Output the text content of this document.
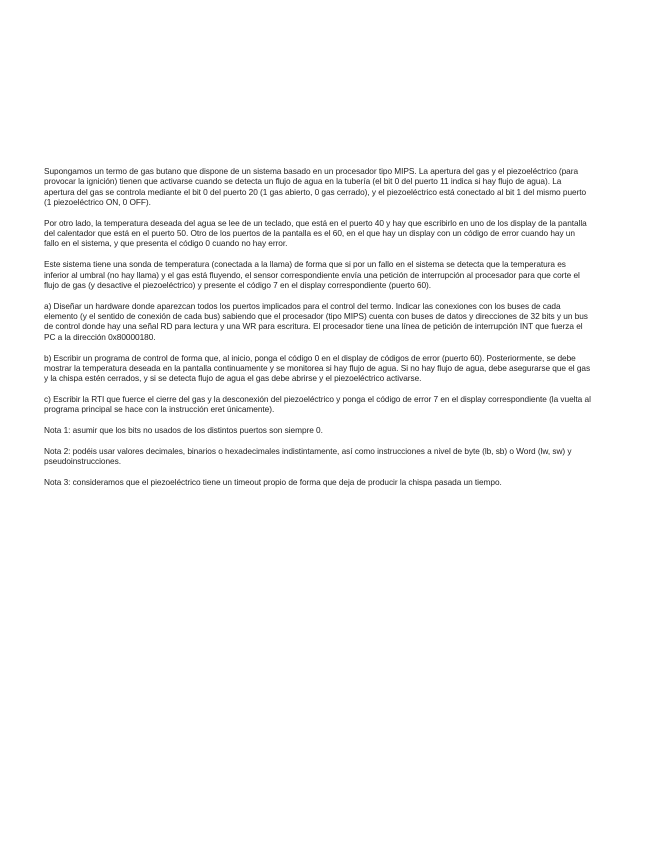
Supongamos un termo de gas butano que dispone de un sistema basado en un procesador tipo MIPS. La apertura del gas y el piezoeléctrico (para provocar la ignición) tienen que activarse cuando se detecta un flujo de agua en la tubería (el bit 0 del puerto 11 indica si hay flujo de agua). La apertura del gas se controla mediante el bit 0 del puerto 20 (1 gas abierto, 0 gas cerrado), y el piezoeléctrico está conectado al bit 1 del mismo puerto (1 piezoeléctrico ON, 0 OFF).

Por otro lado, la temperatura deseada del agua se lee de un teclado, que está en el puerto 40 y hay que escribirlo en uno de los display de la pantalla del calentador que está en el puerto 50. Otro de los puertos de la pantalla es el 60, en el que hay un display con un código de error cuando hay un fallo en el sistema, y que presenta el código 0 cuando no hay error.

Este sistema tiene una sonda de temperatura (conectada a la llama) de forma que si por un fallo en el sistema se detecta que la temperatura es inferior al umbral (no hay llama) y el gas está fluyendo, el sensor correspondiente envía una petición de interrupción al procesador para que corte el flujo de gas (y desactive el piezoeléctrico) y presente el código 7 en el display correspondiente (puerto 60).

a) Diseñar un hardware donde aparezcan todos los puertos implicados para el control del termo. Indicar las conexiones con los buses de cada elemento (y el sentido de conexión de cada bus) sabiendo que el procesador (tipo MIPS) cuenta con buses de datos y direcciones de 32 bits y un bus de control donde hay una señal RD para lectura y una WR para escritura. El procesador tiene una línea de petición de interrupción INT que fuerza el PC a la dirección 0x80000180.

b) Escribir un programa de control de forma que, al inicio, ponga el código 0 en el display de códigos de error (puerto 60). Posteriormente, se debe mostrar la temperatura deseada en la pantalla continuamente y se monitorea si hay flujo de agua. Si no hay flujo de agua, debe asegurarse que el gas y la chispa estén cerrados, y si se detecta flujo de agua el gas debe abrirse y el piezoeléctrico activarse.

c) Escribir la RTI que fuerce el cierre del gas y la desconexión del piezoeléctrico y ponga el código de error 7 en el display correspondiente (la vuelta al programa principal se hace con la instrucción eret únicamente).

Nota 1: asumir que los bits no usados de los distintos puertos son siempre 0.

Nota 2: podéis usar valores decimales, binarios o hexadecimales indistintamente, así como instrucciones a nivel de byte (lb, sb) o Word (lw, sw) y pseudoinstrucciones.

Nota 3: consideramos que el piezoeléctrico tiene un timeout propio de forma que deja de producir la chispa pasada un tiempo.
